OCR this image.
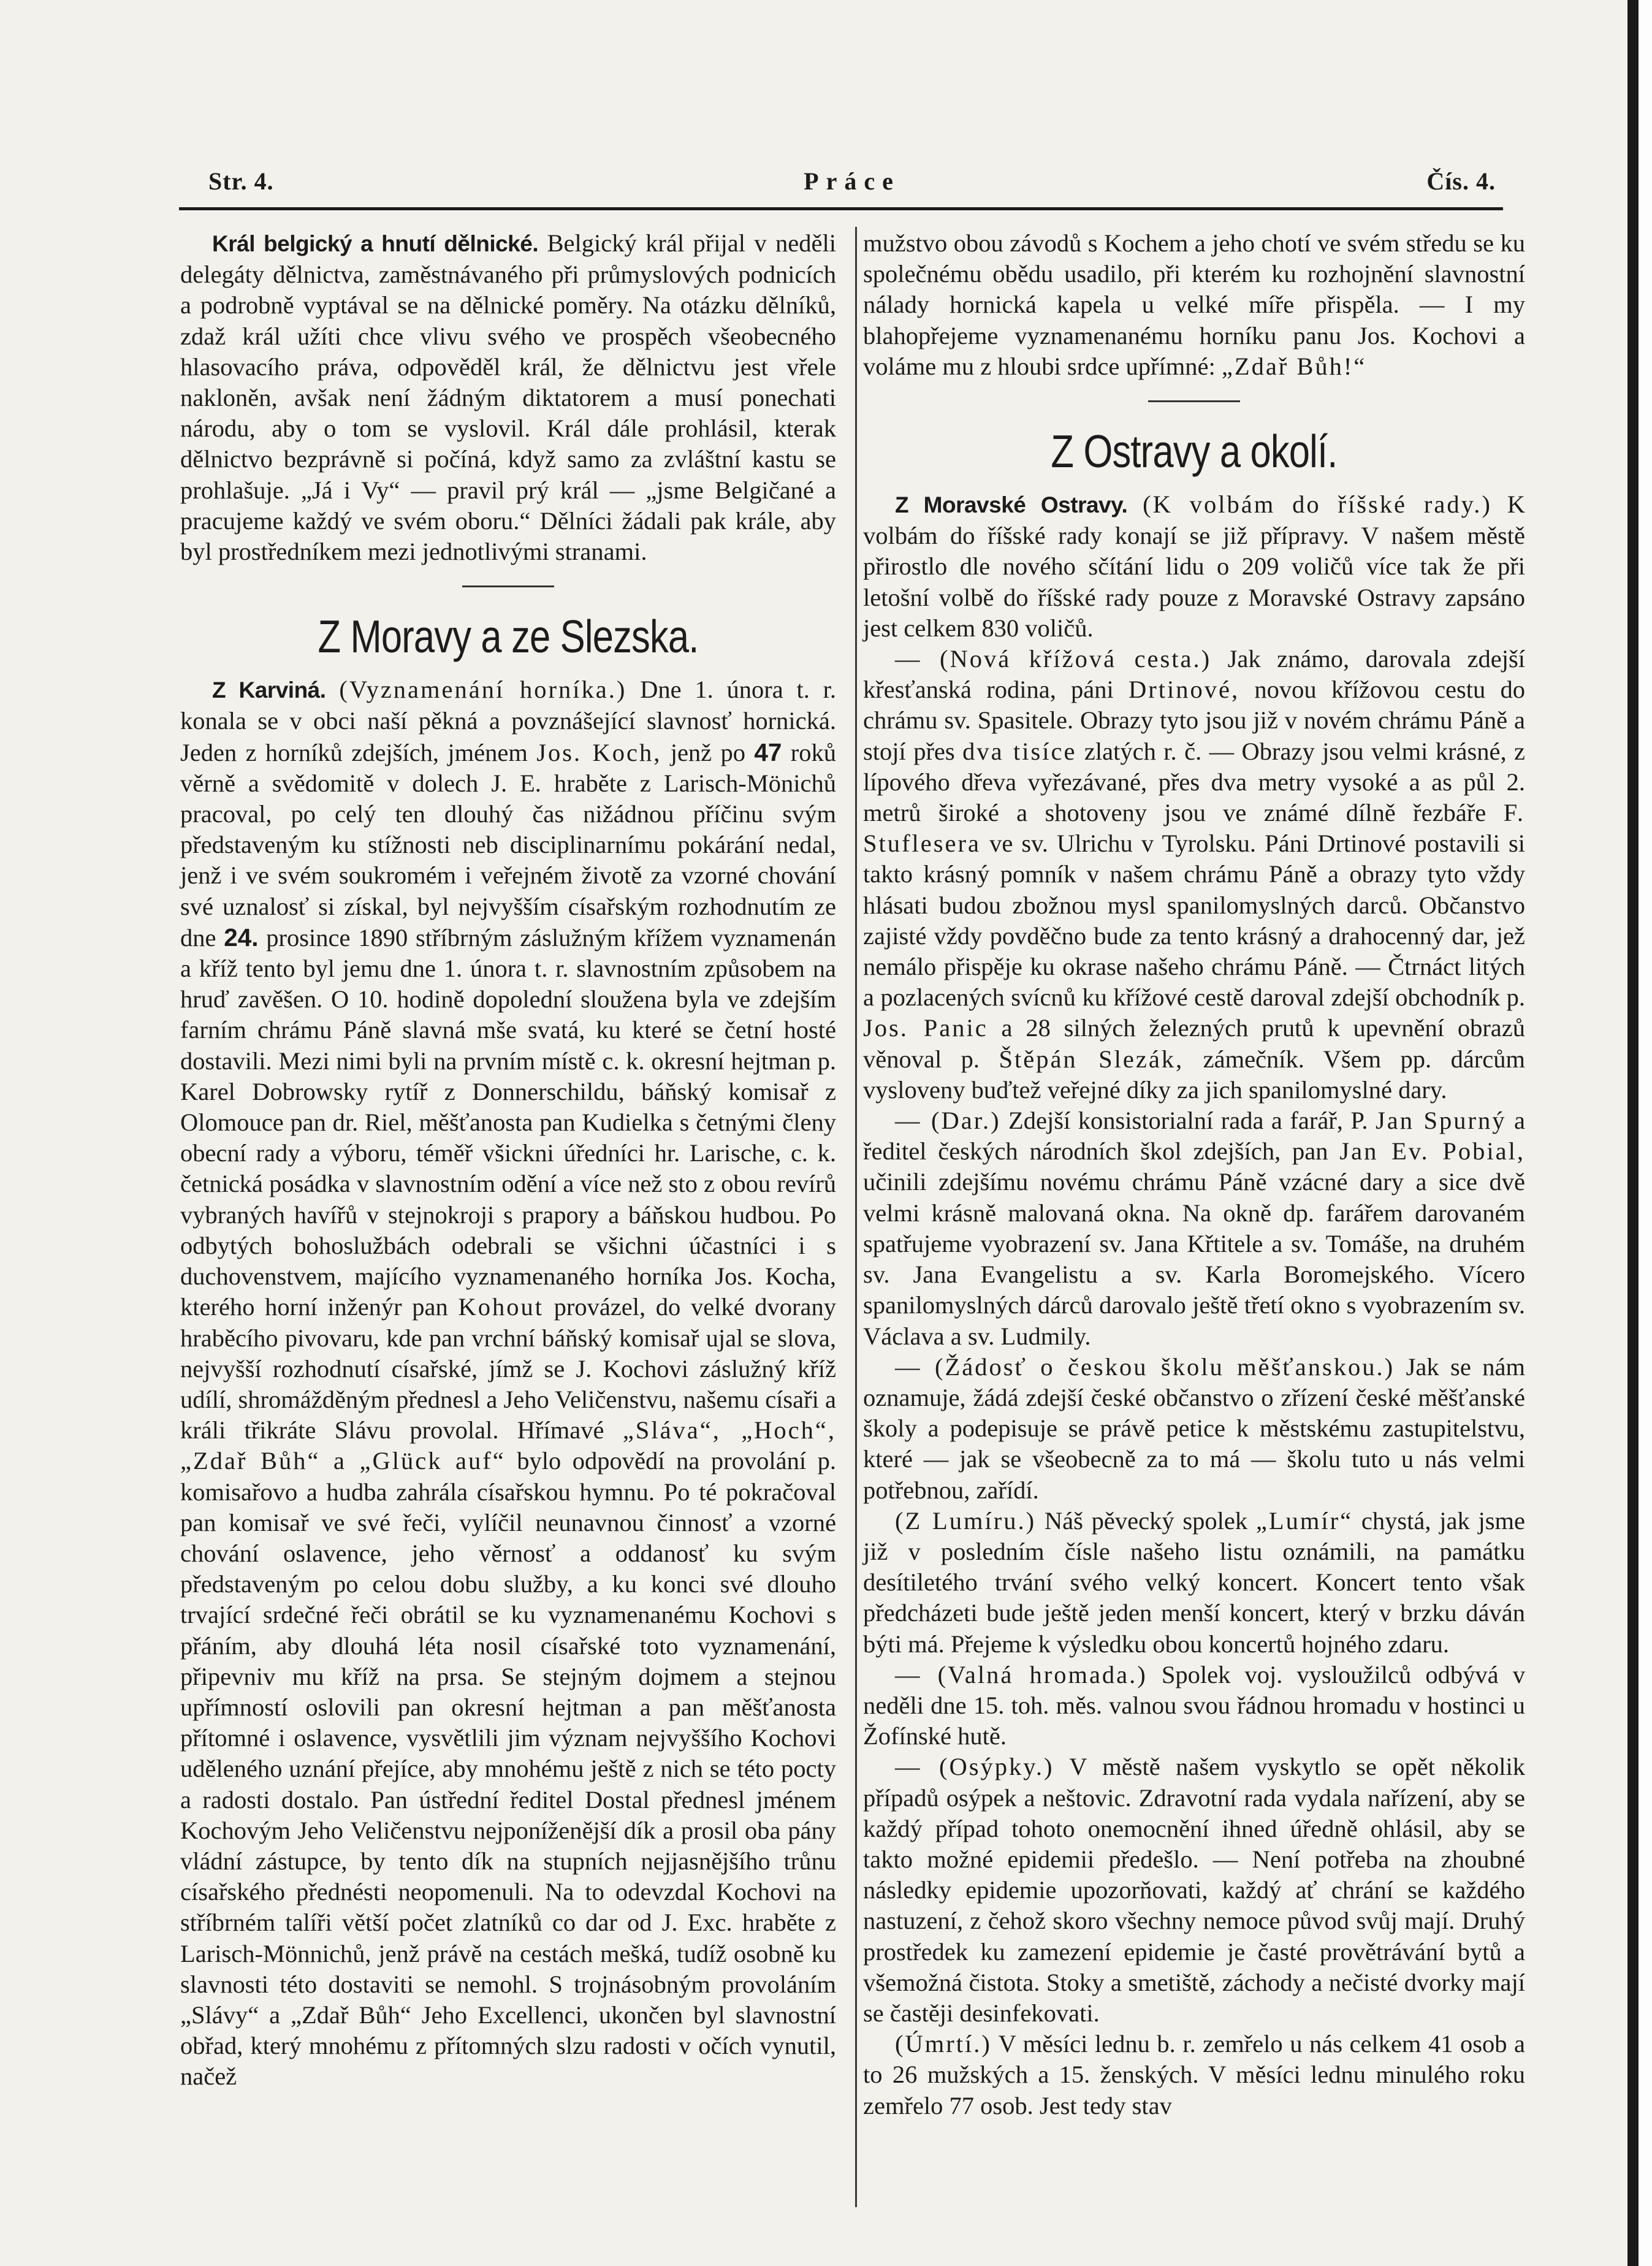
Str. 4.	Práce	Čís. 4.

Král belgický a hnutí dělnické. Belgický král přijal v neděli delegáty dělnictva, zaměstnávaného při průmyslových podnicích a podrobně vyptával se na dělnické poměry. Na otázku dělníků, zdaž král užíti chce vlivu svého ve prospěch všeobecného hlasovacího práva, odpověděl král, že dělnictvu jest vřele nakloněn, avšak není žádným diktatorem a musí ponechati národu, aby o tom se vyslovil. Král dále prohlásil, kterak dělnictvo bezprávně si počíná, když samo za zvláštní kastu se prohlašuje. „Já i Vy“ — pravil prý král — „jsme Belgičané a pracujeme každý ve svém oboru.“ Dělníci žádali pak krále, aby byl prostředníkem mezi jednotlivými stranami.

Z Moravy a ze Slezska.

Z Karviná. (Vyznamenání horníka.) Dne 1. února t. r. konala se v obci naší pěkná a povznášející slavnosť hornická. Jeden z horníků zdejších, jménem Jos. Koch, jenž po 47 roků věrně a svědomitě v dolech J. E. hraběte z Larisch-Mönichů pracoval, po celý ten dlouhý čas nižádnou příčinu svým představeným ku stížnosti neb disciplinarnímu pokárání nedal, jenž i ve svém soukromém i veřejném životě za vzorné chování své uznalosť si získal, byl nejvyšším císařským rozhodnutím ze dne 24. prosince 1890 stříbrným záslužným křížem vyznamenán a kříž tento byl jemu dne 1. února t. r. slavnostním způsobem na hruď zavěšen. O 10. hodině dopolední sloužena byla ve zdejším farním chrámu Páně slavná mše svatá, ku které se četní hosté dostavili. Mezi nimi byli na prvním místě c. k. okresní hejtman p. Karel Dobrowsky rytíř z Donnerschildu, báňský komisař z Olomouce pan dr. Riel, měšťanosta pan Kudielka s četnými členy obecní rady a výboru, téměř všickni úředníci hr. Larische, c. k. četnická posádka v slavnostním odění a více než sto z obou revírů vybraných havířů v stejnokroji s prapory a báňskou hudbou. Po odbytých bohoslužbách odebrali se všichni účastníci i s duchovenstvem, majícího vyznamenaného horníka Jos. Kocha, kterého horní inženýr pan Kohout provázel, do velké dvorany hraběcího pivovaru, kde pan vrchní báňský komisař ujal se slova, nejvyšší rozhodnutí císařské, jímž se J. Kochovi záslužný kříž udílí, shromážděným přednesl a Jeho Veličenstvu, našemu císaři a králi třikráte Slávu provolal. Hřímavé „Sláva“, „Hoch“, „Zdař Bůh“ a „Glück auf“ bylo odpovědí na provolání p. komisařovo a hudba zahrála císařskou hymnu. Po té pokračoval pan komisař ve své řeči, vylíčil neunavnou činnosť a vzorné chování oslavence, jeho věrnosť a oddanosť ku svým představeným po celou dobu služby, a ku konci své dlouho trvající srdečné řeči obrátil se ku vyznamenanému Kochovi s přáním, aby dlouhá léta nosil císařské toto vyznamenání, připevniv mu kříž na prsa. Se stejným dojmem a stejnou upřímností oslovili pan okresní hejtman a pan měšťanosta přítomné i oslavence, vysvětlili jim význam nejvyššího Kochovi uděleného uznání přejíce, aby mnohému ještě z nich se této pocty a radosti dostalo. Pan ústřední ředitel Dostal přednesl jménem Kochovým Jeho Veličenstvu nejponíženější dík a prosil oba pány vládní zástupce, by tento dík na stupních nejjasnějšího trůnu císařského přednésti neopomenuli. Na to odevzdal Kochovi na stříbrném talíři větší počet zlatníků co dar od J. Exc. hraběte z Larisch-Mönnichů, jenž právě na cestách mešká, tudíž osobně ku slavnosti této dostaviti se nemohl. S trojnásobným provoláním „Slávy“ a „Zdař Bůh“ Jeho Excellenci, ukončen byl slavnostní obřad, který mnohému z přítomných slzu radosti v očích vynutil, načež

mužstvo obou závodů s Kochem a jeho chotí ve svém středu se ku společnému obědu usadilo, při kterém ku rozhojnění slavnostní nálady hornická kapela u velké míře přispěla. — I my blahopřejeme vyznamenanému horníku panu Jos. Kochovi a voláme mu z hloubi srdce upřímné: „Zdař Bůh!“

Z Ostravy a okolí.

Z Moravské Ostravy. (K volbám do říšské rady.) K volbám do říšské rady konají se již přípravy. V našem městě přirostlo dle nového sčítání lidu o 209 voličů více tak že při letošní volbě do říšské rady pouze z Moravské Ostravy zapsáno jest celkem 830 voličů.

— (Nová křížová cesta.) Jak známo, darovala zdejší křesťanská rodina, páni Drtinové, novou křížovou cestu do chrámu sv. Spasitele. Obrazy tyto jsou již v novém chrámu Páně a stojí přes dva tisíce zlatých r. č. — Obrazy jsou velmi krásné, z lípového dřeva vyřezávané, přes dva metry vysoké a as půl 2. metrů široké a shotoveny jsou ve známé dílně řezbáře F. Stuflesera ve sv. Ulrichu v Tyrolsku. Páni Drtinové postavili si takto krásný pomník v našem chrámu Páně a obrazy tyto vždy hlásati budou zbožnou mysl spanilomyslných darců. Občanstvo zajisté vždy povděčno bude za tento krásný a drahocenný dar, jež nemálo přispěje ku okrase našeho chrámu Páně. — Čtrnáct litých a pozlacených svícnů ku křížové cestě daroval zdejší obchodník p. Jos. Panic a 28 silných železných prutů k upevnění obrazů věnoval p. Štěpán Slezák, zámečník. Všem pp. dárcům vysloveny buďtež veřejné díky za jich spanilomyslné dary.

— (Dar.) Zdejší konsistorialní rada a farář, P. Jan Spurný a ředitel českých národních škol zdejších, pan Jan Ev. Pobial, učinili zdejšímu novému chrámu Páně vzácné dary a sice dvě velmi krásně malovaná okna. Na okně dp. farářem darovaném spatřujeme vyobrazení sv. Jana Křtitele a sv. Tomáše, na druhém sv. Jana Evangelistu a sv. Karla Boromejského. Vícero spanilomyslných dárců darovalo ještě třetí okno s vyobrazením sv. Václava a sv. Ludmily.

— (Žádosť o českou školu měšťanskou.) Jak se nám oznamuje, žádá zdejší české občanstvo o zřízení české měšťanské školy a podepisuje se právě petice k městskému zastupitelstvu, které — jak se všeobecně za to má — školu tuto u nás velmi potřebnou, zařídí.

(Z Lumíru.) Náš pěvecký spolek „Lumír“ chystá, jak jsme již v posledním čísle našeho listu oznámili, na památku desítiletého trvání svého velký koncert. Koncert tento však předcházeti bude ještě jeden menší koncert, který v brzku dáván býti má. Přejeme k výsledku obou koncertů hojného zdaru.

— (Valná hromada.) Spolek voj. vysloužilců odbývá v neděli dne 15. toh. měs. valnou svou řádnou hromadu v hostinci u Žofínské hutě.

— (Osýpky.) V městě našem vyskytlo se opět několik případů osýpek a neštovic. Zdravotní rada vydala nařízení, aby se každý případ tohoto onemocnění ihned úředně ohlásil, aby se takto možné epidemii předešlo. — Není potřeba na zhoubné následky epidemie upozorňovati, každý ať chrání se každého nastuzení, z čehož skoro všechny nemoce původ svůj mají. Druhý prostředek ku zamezení epidemie je časté provětrávání bytů a všemožná čistota. Stoky a smetiště, záchody a nečisté dvorky mají se častěji desinfekovati.

(Úmrtí.) V měsíci lednu b. r. zemřelo u nás celkem 41 osob a to 26 mužských a 15. ženských. V měsíci lednu minulého roku zemřelo 77 osob. Jest tedy stav
